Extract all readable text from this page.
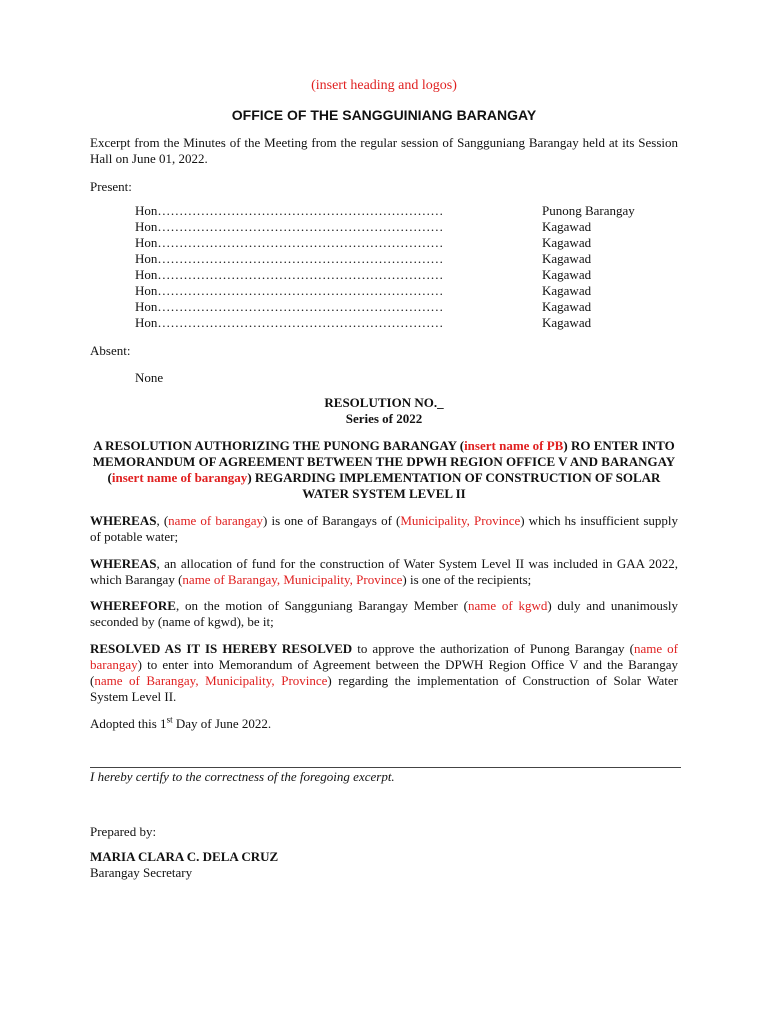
(insert heading and logos)
OFFICE OF THE SANGGUINIANG BARANGAY
Excerpt from the Minutes of the Meeting from the regular session of Sangguniang Barangay held at its Session Hall on June 01, 2022.
Present:
Hon…………………………………………………………	Punong Barangay
Hon…………………………………………………………	Kagawad
Hon…………………………………………………………	Kagawad
Hon…………………………………………………………	Kagawad
Hon…………………………………………………………	Kagawad
Hon…………………………………………………………	Kagawad
Hon…………………………………………………………	Kagawad
Hon…………………………………………………………	Kagawad
Absent:
None
RESOLUTION NO._
Series of 2022
A RESOLUTION AUTHORIZING THE PUNONG BARANGAY (insert name of PB) RO ENTER INTO MEMORANDUM OF AGREEMENT BETWEEN THE DPWH REGION OFFICE V AND BARANGAY (insert name of barangay) REGARDING IMPLEMENTATION OF CONSTRUCTION OF SOLAR WATER SYSTEM LEVEL II
WHEREAS, (name of barangay) is one of Barangays of (Municipality, Province) which hs insufficient supply of potable water;
WHEREAS, an allocation of fund for the construction of Water System Level II was included in GAA 2022, which Barangay (name of Barangay, Municipality, Province) is one of the recipients;
WHEREFORE, on the motion of Sangguniang Barangay Member (name of kgwd) duly and unanimously seconded by (name of kgwd), be it;
RESOLVED AS IT IS HEREBY RESOLVED to approve the authorization of Punong Barangay (name of barangay) to enter into Memorandum of Agreement between the DPWH Region Office V and the Barangay (name of Barangay, Municipality, Province) regarding the implementation of Construction of Solar Water System Level II.
Adopted this 1st Day of June 2022.
I hereby certify to the correctness of the foregoing excerpt.
Prepared by:
MARIA CLARA C. DELA CRUZ
Barangay Secretary
